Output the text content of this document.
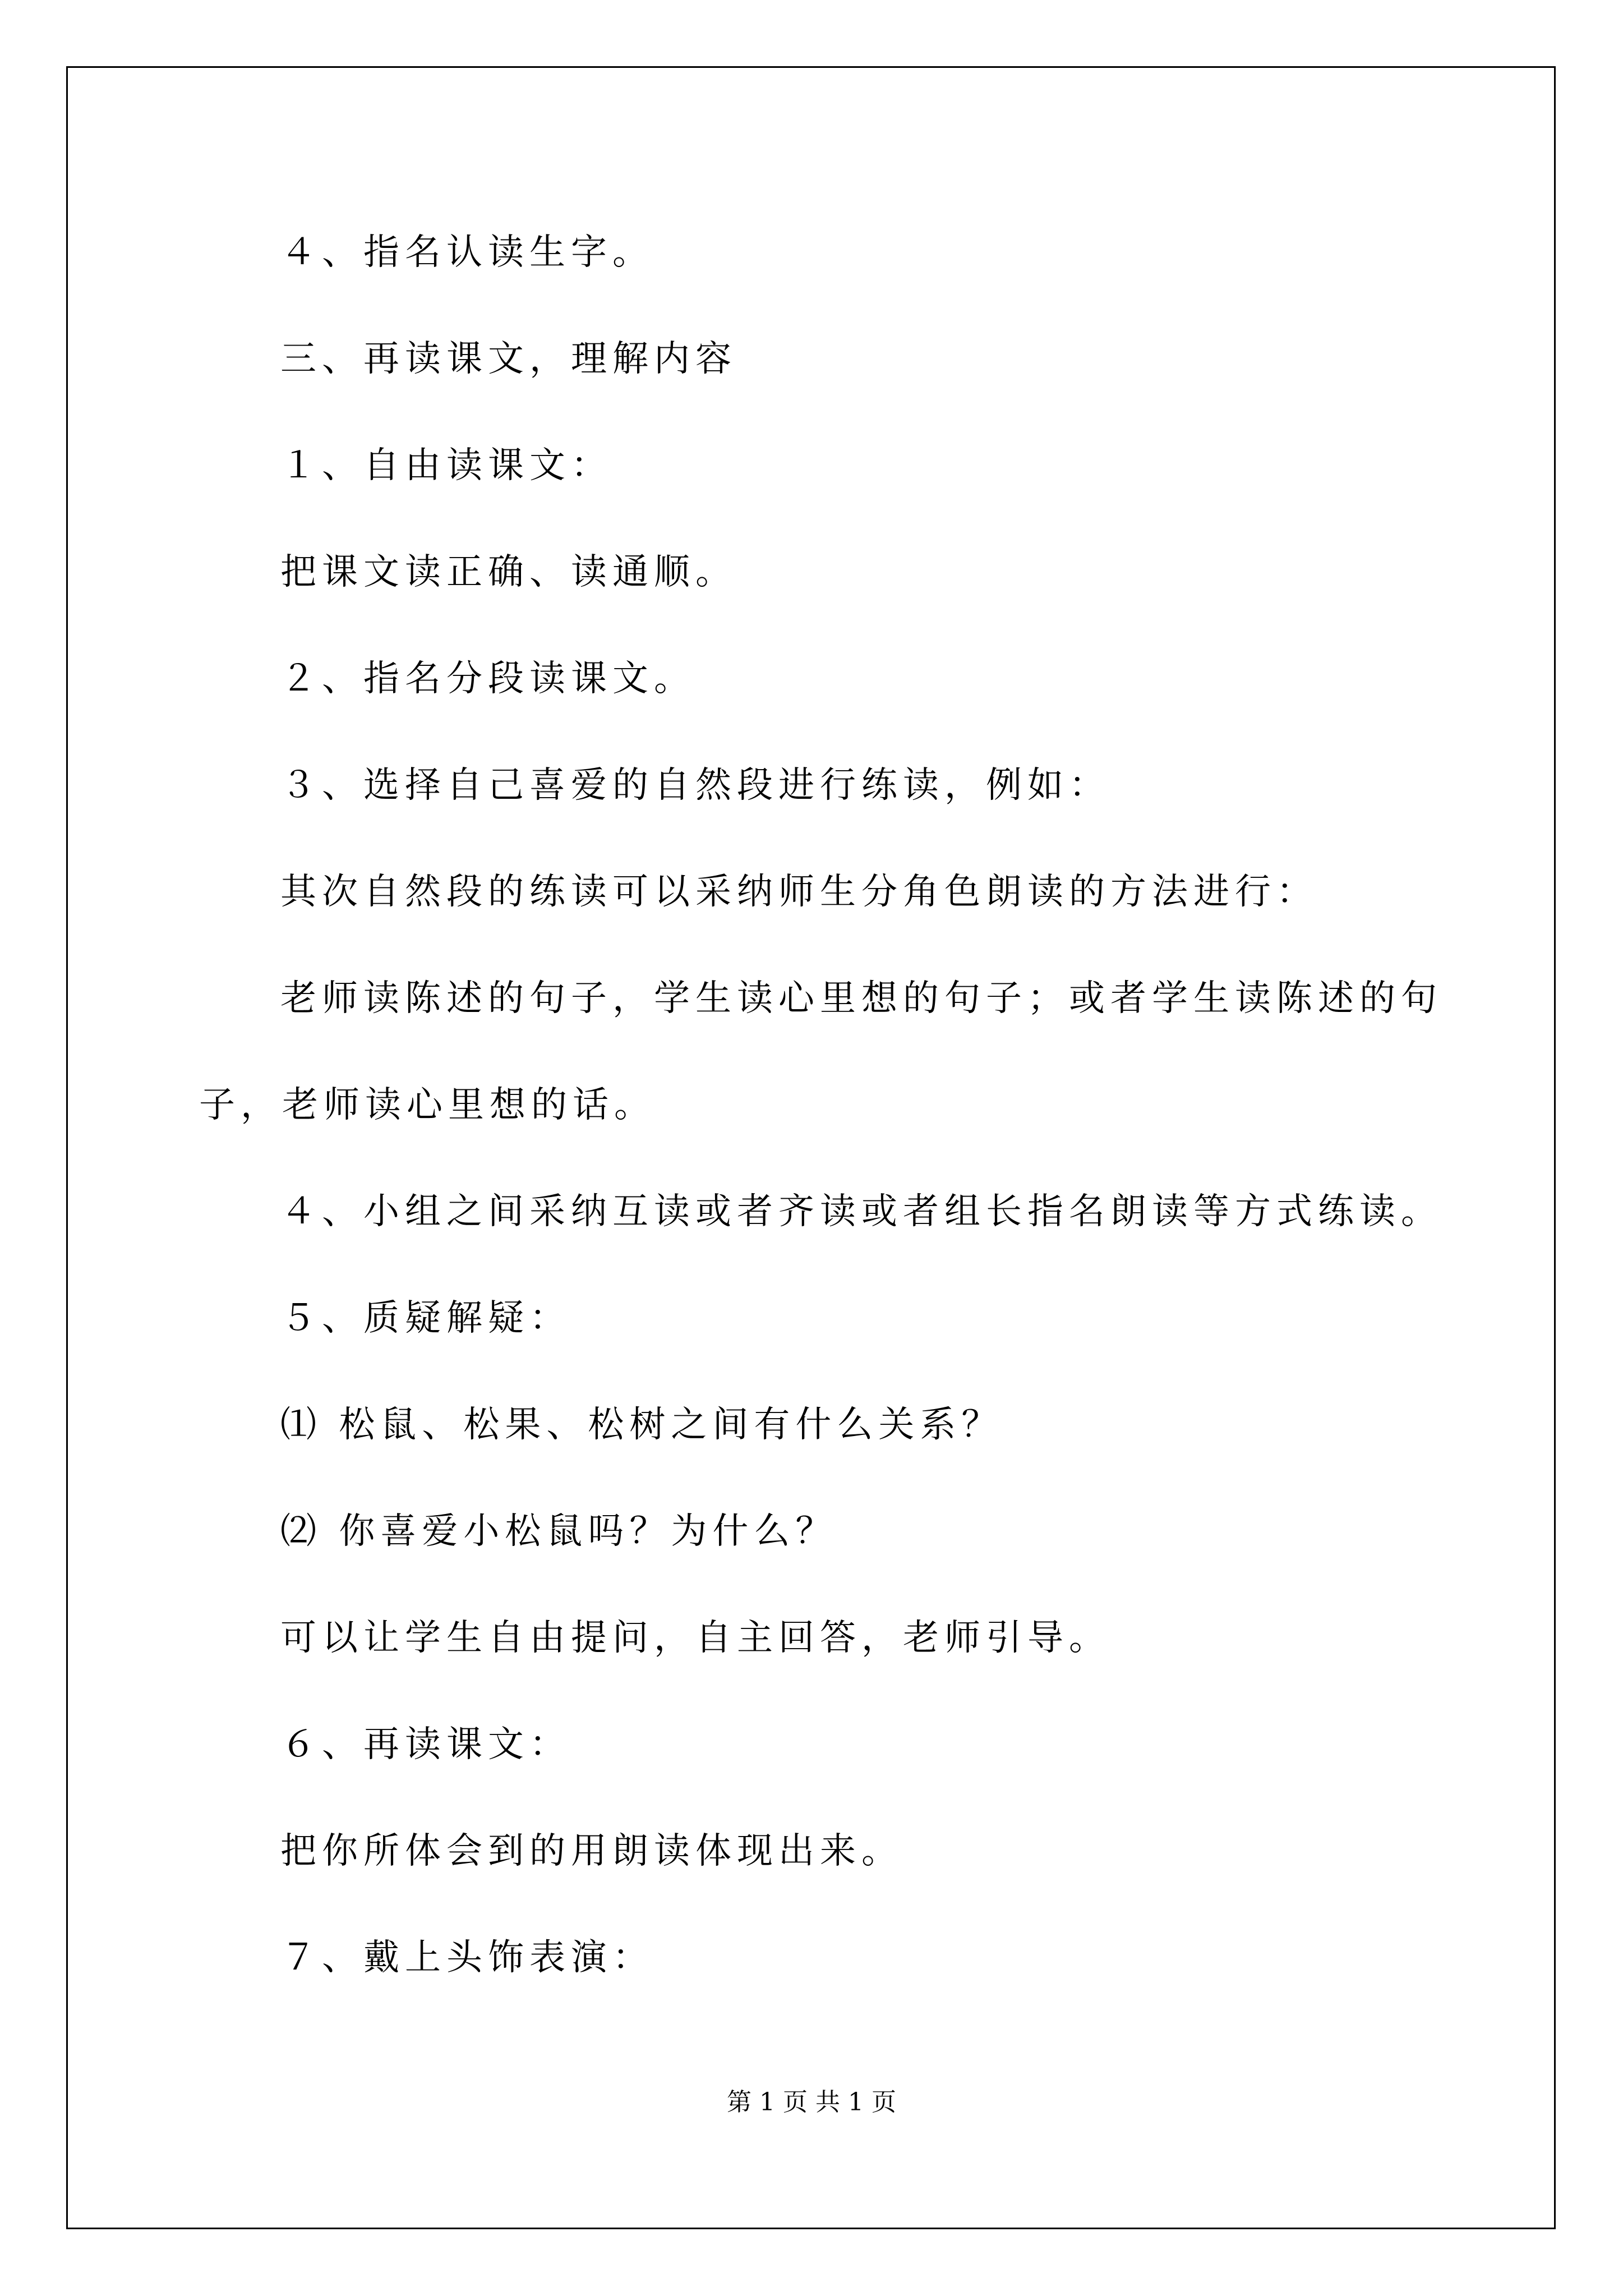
４、指名认读生字。
三、再读课文，理解内容
１、自由读课文：
把课文读正确、读通顺。
２、指名分段读课文。
３、选择自己喜爱的自然段进行练读，例如：
其次自然段的练读可以采纳师生分角色朗读的方法进行：
老师读陈述的句子，学生读心里想的句子；或者学生读陈述的句
子，老师读心里想的话。
４、小组之间采纳互读或者齐读或者组长指名朗读等方式练读。
５、质疑解疑：
⑴ 松鼠、松果、松树之间有什么关系？
⑵ 你喜爱小松鼠吗？为什么？
可以让学生自由提问，自主回答，老师引导。
６、再读课文：
把你所体会到的用朗读体现出来。
７、戴上头饰表演：
第 1 页 共 1 页
